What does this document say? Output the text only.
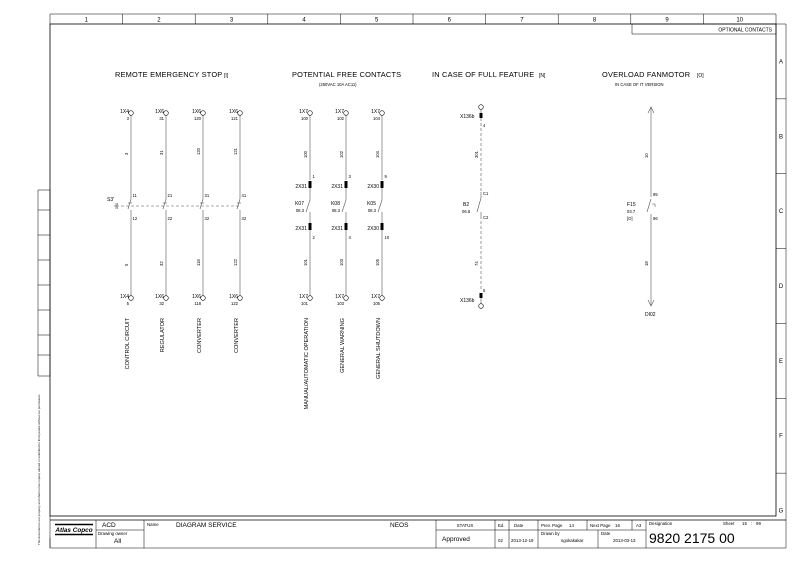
1	2	3	4	5	6	7	8	9	10
A
B
C
D
E
F
G
OPTIONAL CONTACTS
This document is our property and shall not be copied, altered or submitted to third parties without our permission.
REMOTE EMERGENCY STOP [I]
S3'
1X4
3
3
11
12
5
1X4
5
CONTROL CIRCUIT
1X6
31
31
21
22
32
1X6
32
REGULATOR
1X6
120
120
31
32
118
1X6
118
CONVERTER
1X6
121
121
41
42
122
1X6
122
CONVERTER
POTENTIAL FREE CONTACTS
(250VAC 10A AC11)
1X7
100
100
2X31
1
K07
08.3
2X31
2
101
1X7
101
MANUAL/AUTOMATIC OPERATION
1X7
102
102
2X31
3
K08
08.3
2X31
4
103
1X7
103
GENERAL WARNING
1X7
104
104
2X30
9
K05
08.3
2X30
10
105
1X7
105
GENERAL SHUTDOWN
IN CASE OF FULL FEATURE [N]
X136b
4
301
C1
B2
06.8
C2
74
5
X136b
OVERLOAD FANMOTOR [O]
IN CASE OF IT VERSION
10
95
F15
03.7
[O]	96
18
DI02
Atlas Copco
ACD
Drawing owner
All
Name	DIAGRAM SERVICE	NEOS	STATUS
Approved
Ed.
02
Date
2013-12-19
Prev. Page 14	Next Page 16	A3
Drawn by
sgokakakar
Date
2013-03-13
Designation
9820 2175 00
Sheet 15 : 99
